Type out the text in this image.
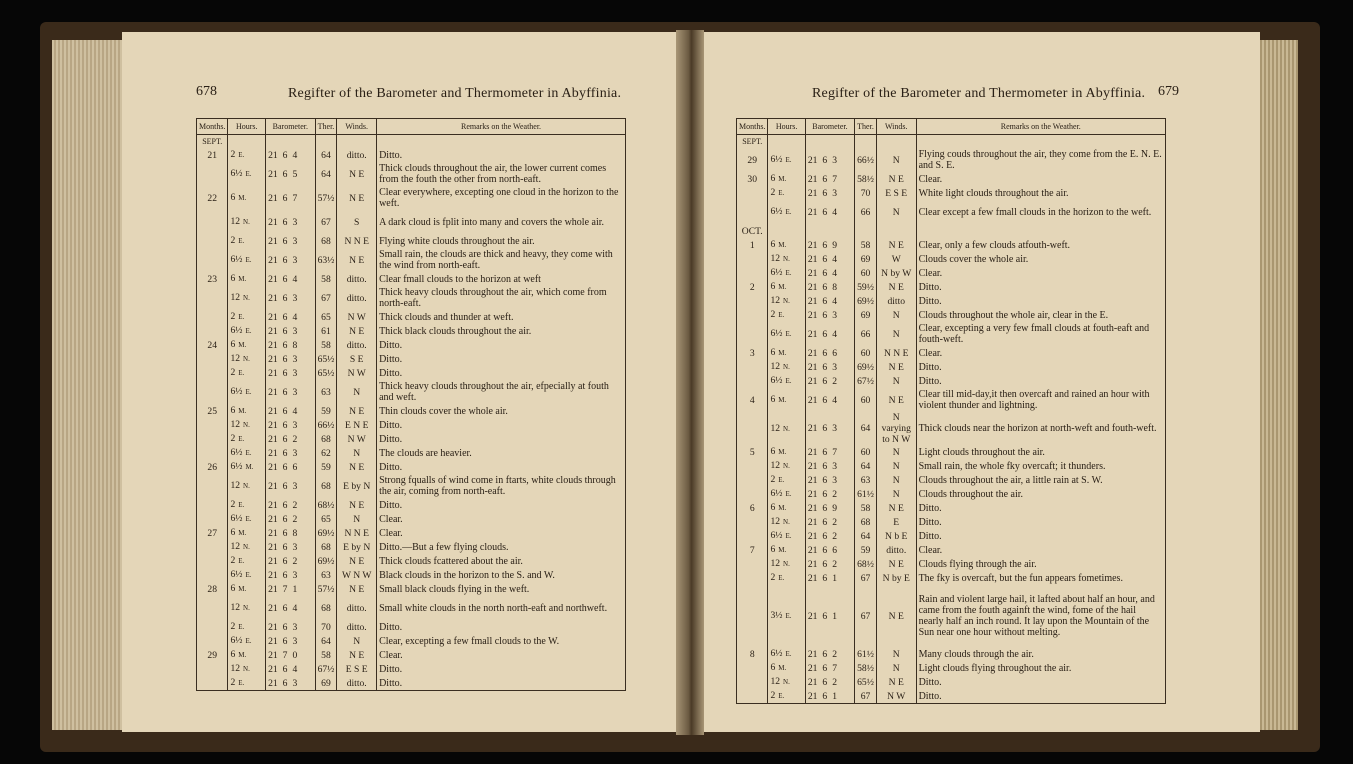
678	Regifter of the Barometer and Thermometer in Abyffinia.	Regifter of the Barometer and Thermometer in Abyffinia. 679
Months.	Hours.	Barometer.	Ther.	Winds.	Remarks on the Weather.
SEPT.					
21	2 E.	21 6 4	64	ditto.	Ditto.
	6½ E.	21 6 5	64	N E	Thick clouds throughout the air, the lower current comes from the fouth the other from north-eaft.
22	6 M.	21 6 7	57½	N E	Clear everywhere, excepting one cloud in the horizon to the weft.
	12 N.	21 6 3	67	S	A dark cloud is fplit into many and covers the whole air.
	2 E.	21 6 3	68	N N E	Flying white clouds throughout the air.
	6½ E.	21 6 3	63½	N E	Small rain, the clouds are thick and heavy, they come with the wind from north-eaft.
23	6 M.	21 6 4	58	ditto.	Clear fmall clouds to the horizon at weft
	12 N.	21 6 3	67	ditto.	Thick heavy clouds throughout the air, which come from north-eaft.
	2 E.	21 6 4	65	N W	Thick clouds and thunder at weft.
	6½ E.	21 6 3	61	N E	Thick black clouds throughout the air.
24	6 M.	21 6 8	58	ditto.	Ditto.
	12 N.	21 6 3	65½	S E	Ditto.
	2 E.	21 6 3	65½	N W	Ditto.
	6½ E.	21 6 3	63	N	Thick heavy clouds throughout the air, efpecially at fouth and weft.
25	6 M.	21 6 4	59	N E	Thin clouds cover the whole air.
	12 N.	21 6 3	66½	E N E	Ditto.
	2 E.	21 6 2	68	N W	Ditto.
	6½ E.	21 6 3	62	N	The clouds are heavier.
26	6½ M.	21 6 6	59	N E	Ditto.
	12 N.	21 6 3	68	E by N	Strong fqualls of wind come in ftarts, white clouds through the air, coming from north-eaft.
	2 E.	21 6 2	68½	N E	Ditto.
	6½ E.	21 6 2	65	N	Clear.
27	6 M.	21 6 8	69½	N N E	Clear.
	12 N.	21 6 3	68	E by N	Ditto.—But a few flying clouds.
	2 E.	21 6 2	69½	N E	Thick clouds fcattered about the air.
	6½ E.	21 6 3	63	W N W	Black clouds in the horizon to the S. and W.
28	6 M.	21 7 1	57½	N E	Small black clouds flying in the weft.
	12 N.	21 6 4	68	ditto.	Small white clouds in the north north-eaft and northweft.
	2 E.	21 6 3	70	ditto.	Ditto.
	6½ E.	21 6 3	64	N	Clear, excepting a few fmall clouds to the W.
29	6 M.	21 7 0	58	N E	Clear.
	12 N.	21 6 4	67½	E S E	Ditto.
	2 E.	21 6 3	69	ditto.	Ditto.
Months.	Hours.	Barometer.	Ther.	Winds.	Remarks on the Weather.
SEPT.					
29	6½ E.	21 6 3	66½	N	Flying couds throughout the air, they come from the E. N. E. and S. E.
30	6 M.	21 6 7	58½	N E	Clear.
	2 E.	21 6 3	70	E S E	White light clouds throughout the air.
	6½ E.	21 6 4	66	N	Clear except a few fmall clouds in the horizon to the weft.
OCT.					
1	6 M.	21 6 9	58	N E	Clear, only a few clouds atfouth-weft.
	12 N.	21 6 4	69	W	Clouds cover the whole air.
	6½ E.	21 6 4	60	N by W	Clear.
2	6 M.	21 6 8	59½	N E	Ditto.
	12 N.	21 6 4	69½	ditto	Ditto.
	2 E.	21 6 3	69	N	Clouds throughout the whole air, clear in the E.
	6½ E.	21 6 4	66	N	Clear, excepting a very few fmall clouds at fouth-eaft and fouth-weft.
3	6 M.	21 6 6	60	N N E	Clear.
	12 N.	21 6 3	69½	N E	Ditto.
	6½ E.	21 6 2	67½	N	Ditto.
4	6 M.	21 6 4	60	N E	Clear till mid-day,it then overcaft and rained an hour with violent thunder and lightning.
	12 N.	21 6 3	64	N varying to N W	Thick clouds near the horizon at north-weft and fouth-weft.
5	6 M.	21 6 7	60	N	Light clouds throughout the air.
	12 N.	21 6 3	64	N	Small rain, the whole fky overcaft; it thunders.
	2 E.	21 6 3	63	N	Clouds throughout the air, a little rain at S. W.
	6½ E.	21 6 2	61½	N	Clouds throughout the air.
6	6 M.	21 6 9	58	N E	Ditto.
	12 N.	21 6 2	68	E	Ditto.
	6½ E.	21 6 2	64	N b E	Ditto.
7	6 M.	21 6 6	59	ditto.	Clear.
	12 N.	21 6 2	68½	N E	Clouds flying through the air.
	2 E.	21 6 1	67	N by E	The fky is overcaft, but the fun appears fometimes.
	3½ E.	21 6 1	67	N E	Rain and violent large hail, it lafted about half an hour, and came from the fouth againft the wind, fome of the hail nearly half an inch round. It lay upon the Mountain of the Sun near one hour without melting.
8	6½ E.	21 6 2	61½	N	Many clouds through the air.
	6 M.	21 6 7	58½	N	Light clouds flying throughout the air.
	12 N.	21 6 2	65½	N E	Ditto.
	2 E.	21 6 1	67	N W	Ditto.
